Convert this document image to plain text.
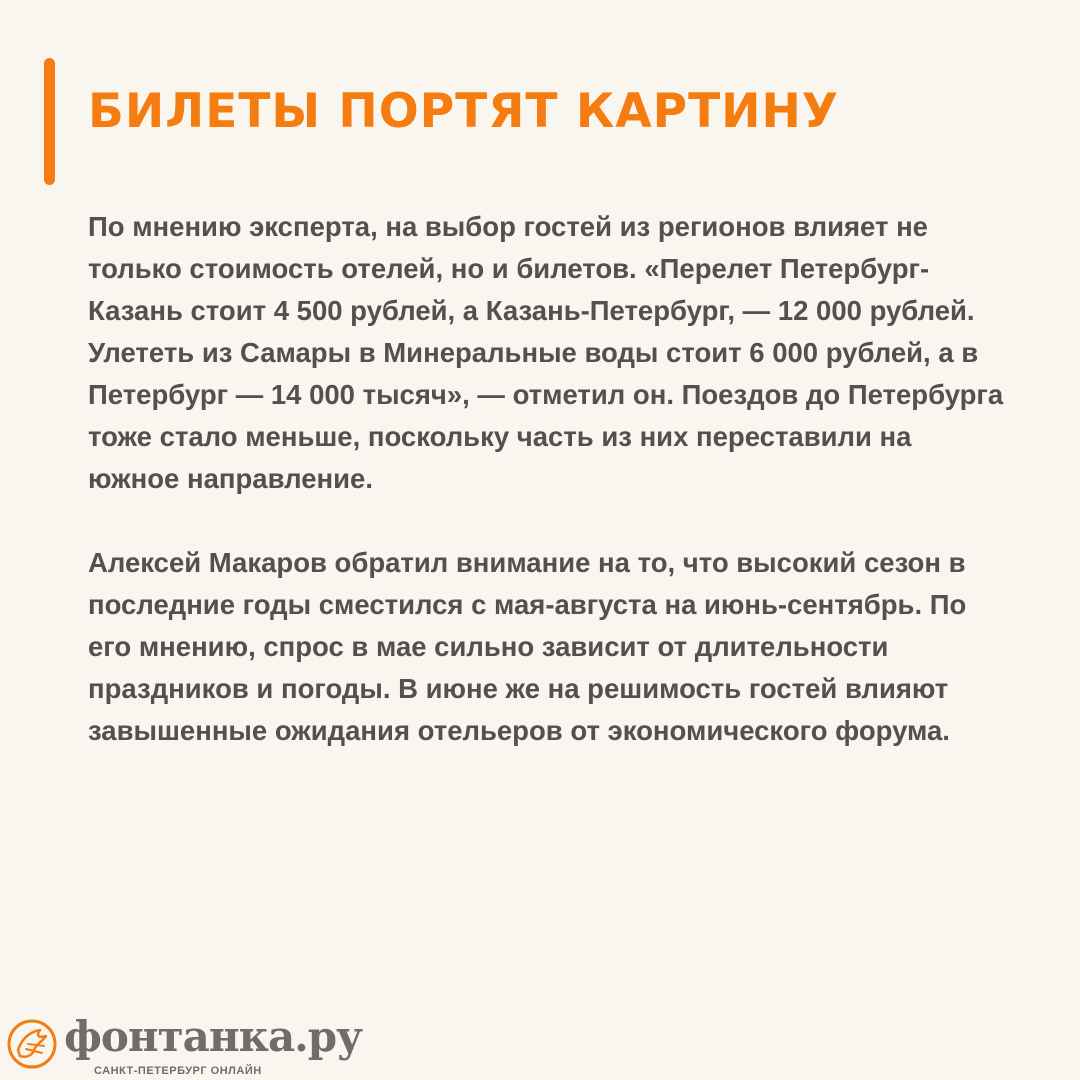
БИЛЕТЫ ПОРТЯТ КАРТИНУ

По мнению эксперта, на выбор гостей из регионов влияет не только стоимость отелей, но и билетов. «Перелет Петербург-Казань стоит 4 500 рублей, а Казань-Петербург, — 12 000 рублей. Улететь из Самары в Минеральные воды стоит 6 000 рублей, а в Петербург — 14 000 тысяч», — отметил он. Поездов до Петербурга тоже стало меньше, поскольку часть из них переставили на южное направление.

Алексей Макаров обратил внимание на то, что высокий сезон в последние годы сместился с мая-августа на июнь-сентябрь. По его мнению, спрос в мае сильно зависит от длительности праздников и погоды. В июне же на решимость гостей влияют завышенные ожидания отельеров от экономического форума.

фонтанка.ру
САНКТ-ПЕТЕРБУРГ ОНЛАЙН
